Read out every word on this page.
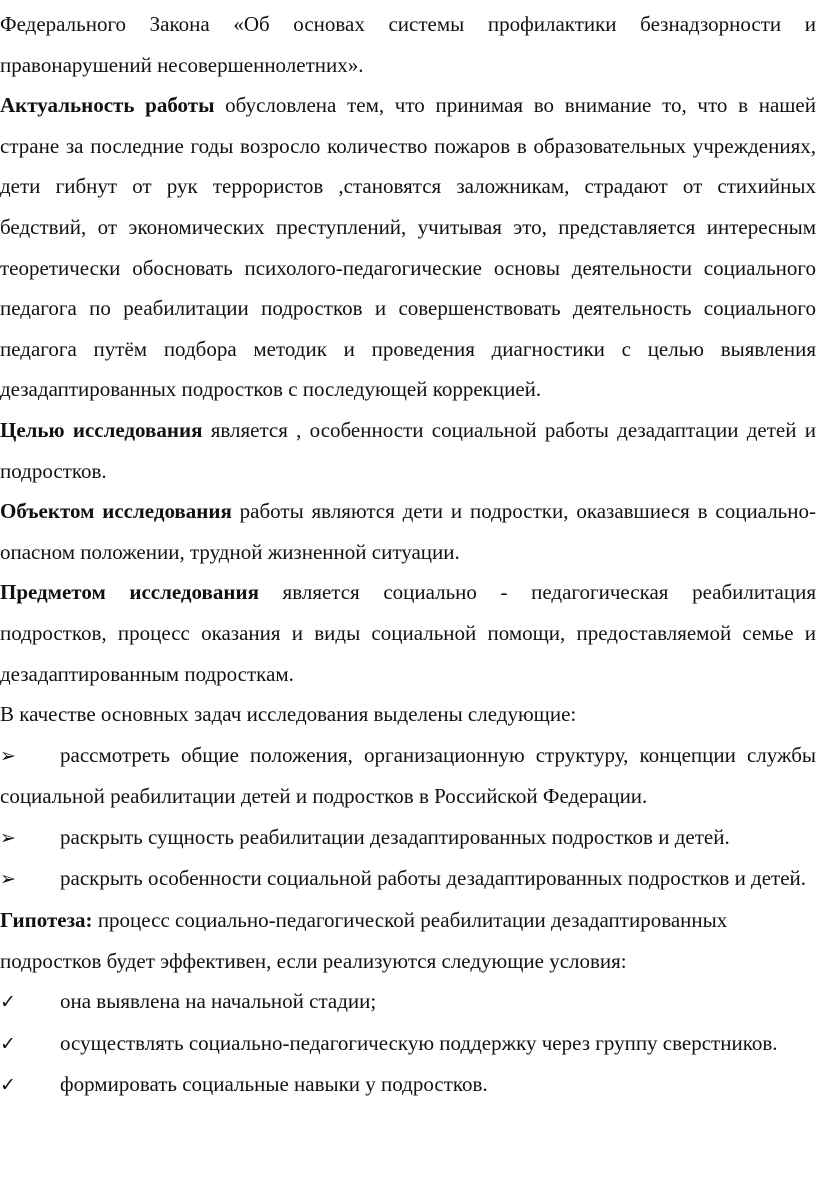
Федерального Закона «Об основах системы профилактики безнадзорности и правонарушений несовершеннолетних».

Актуальность работы обусловлена тем, что принимая во внимание то, что в нашей стране за последние годы возросло количество пожаров в образовательных учреждениях, дети гибнут от рук террористов ,становятся заложникам, страдают от стихийных бедствий, от экономических преступлений, учитывая это, представляется интересным теоретически обосновать психолого-педагогические основы деятельности социального педагога по реабилитации подростков и совершенствовать деятельность социального педагога путём подбора методик и проведения диагностики с целью выявления дезадаптированных подростков с последующей коррекцией.

Целью исследования является , особенности социальной работы дезадаптации детей и подростков.

Объектом исследования работы являются дети и подростки, оказавшиеся в социально-опасном положении, трудной жизненной ситуации.

Предметом исследования является социально - педагогическая реабилитация подростков, процесс оказания и виды социальной помощи, предоставляемой семье и дезадаптированным подросткам.

В качестве основных задач исследования выделены следующие:

➢ рассмотреть общие положения, организационную структуру, концепции службы социальной реабилитации детей и подростков в Российской Федерации.

➢ раскрыть сущность реабилитации дезадаптированных подростков и детей.

➢ раскрыть особенности социальной работы дезадаптированных подростков и детей.

Гипотеза: процесс социально-педагогической реабилитации дезадаптированных подростков будет эффективен, если реализуются следующие условия:

✓ она выявлена на начальной стадии;

✓ осуществлять социально-педагогическую поддержку через группу сверстников.

✓ формировать социальные навыки у подростков.
